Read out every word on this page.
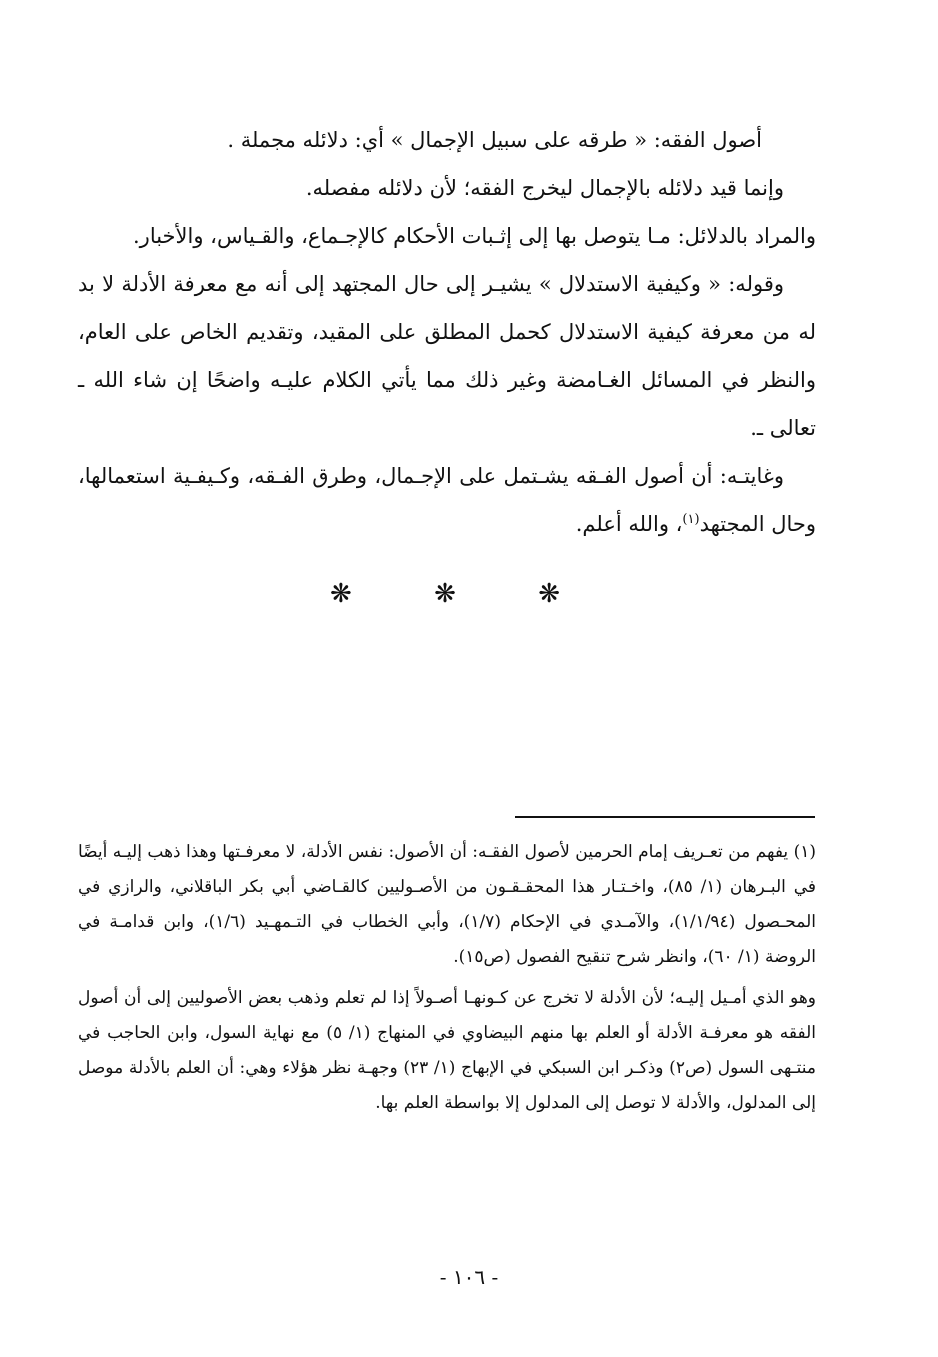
أصول الفقه: « طرقه على سبيل الإجمال » أي: دلائله مجملة .

وإنما قيد دلائله بالإجمال ليخرج الفقه؛ لأن دلائله مفصله.

والمراد بالدلائل: مـا يتوصل بها إلى إثـبات الأحكام كالإجـماع، والقـياس، والأخبار.

وقوله: « وكيفية الاستدلال » يشيـر إلى حال المجتهد إلى أنه مع معرفة الأدلة لا بد له من معرفة كيفية الاستدلال كحمل المطلق على المقيد، وتقديم الخاص على العام، والنظر في المسائل الغـامضة وغير ذلك مما يأتي الكلام عليـه واضحًا إن شاء الله ـ تعالى ـ.

وغايتـه: أن أصول الفـقه يشـتمل على الإجـمال، وطرق الفـقه، وكـيفـية استعمالها، وحال المجتهد$^{(١)}$، والله أعلم.

❋	❋	❋

(١) يفهم من تعـريف إمام الحرمين لأصول الفقـه: أن الأصول: نفس الأدلة، لا معرفـتها وهذا ذهب إليـه أيضًا في البـرهان (١/ ٨٥)، واخـتـار هذا المحقـقـون من الأصـوليين كالقـاضي أبي بكر الباقلاني، والرازي في المحـصول (١/١/٩٤)، والآمـدي في الإحكام (١/٧)، وأبي الخطاب في التـمهـيد (١/٦)، وابن قدامـة في الروضة (١/ ٦٠)، وانظر شرح تنقيح الفصول (ص١٥).

وهو الذي أمـيل إليـه؛ لأن الأدلة لا تخرج عن كـونهـا أصـولاً إذا لم تعلم وذهب بعض الأصوليين إلى أن أصول الفقه هو معرفـة الأدلة أو العلم بها منهم البيضاوي في المنهاج (١/ ٥) مع نهاية السول، وابن الحاجب في منتـهى السول (ص٢) وذكـر ابن السبكي في الإبهاج (١/ ٢٣) وجهـة نظر هؤلاء وهي: أن العلم بالأدلة موصل إلى المدلول، والأدلة لا توصل إلى المدلول إلا بواسطة العلم بها.

- ١٠٦ -
